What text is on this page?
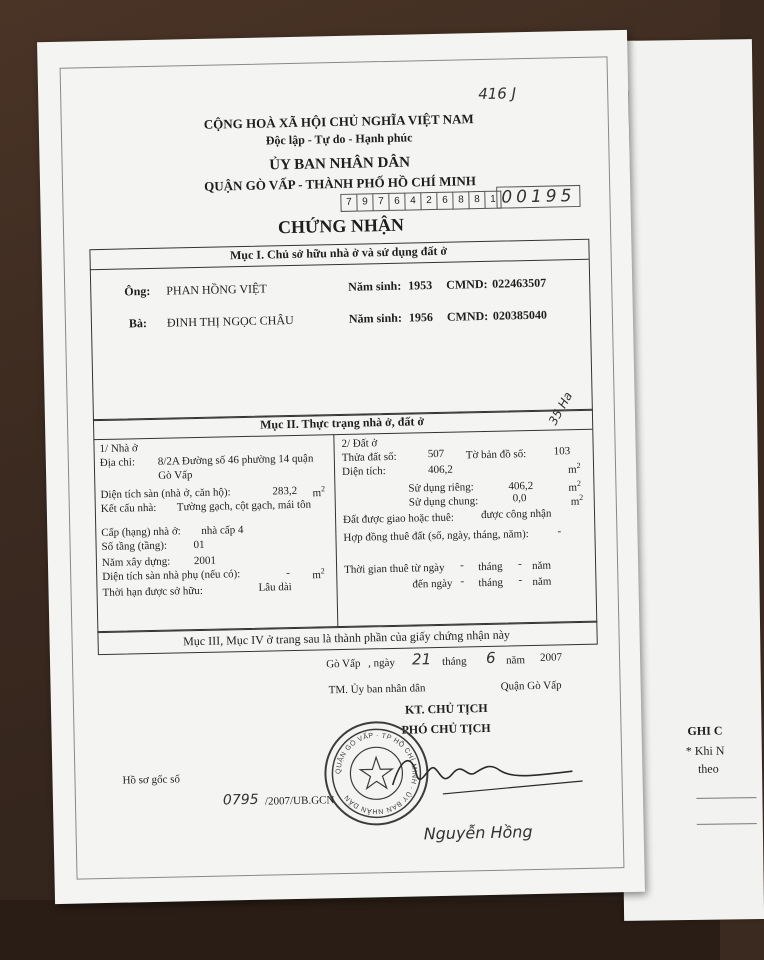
GHI C
* Khi N
theo
416 J
CỘNG HOÀ XÃ HỘI CHỦ NGHĨA VIỆT NAM
Độc lập - Tự do - Hạnh phúc
ỦY BAN NHÂN DÂN
QUẬN GÒ VẤP - THÀNH PHỐ HỒ CHÍ MINH
7	9	7	6	4	2	6	8	8	1 00195
CHỨNG NHẬN
Mục I. Chủ sở hữu nhà ở và sử dụng đất ở
Ông: PHAN HỒNG VIỆT	Năm sinh: 1953 CMND: 022463507
Bà: ĐINH THỊ NGỌC CHÂU	Năm sinh: 1956 CMND: 020385040
Mục II. Thực trạng nhà ở, đất ở	35 Ha
1/ Nhà ở
Địa chỉ: 8/2A Đường số 46 phường 14 quận
Gò Vấp
Diện tích sàn (nhà ở, căn hộ):	283,2 $m^2$
Kết cấu nhà: Tường gạch, cột gạch, mái tôn
Cấp (hạng) nhà ở: nhà cấp 4
Số tầng (tầng): 01
Năm xây dựng: 2001
Diện tích sàn nhà phụ (nếu có):	- $m^2$
Thời hạn được sở hữu:	Lâu dài
2/ Đất ở
Thửa đất số:	507 Tờ bản đồ số: 103
Diện tích:	406,2	$m^2$
Sử dụng riêng:	406,2	$m^2$
Sử dụng chung:	0,0	$m^2$
Đất được giao hoặc thuê: được công nhận
Hợp đồng thuê đất (số, ngày, tháng, năm):	-
Thời gian thuê từ ngày - tháng - năm
đến ngày - tháng - năm
Mục III, Mục IV ở trang sau là thành phần của giấy chứng nhận này
Gò Vấp , ngày 21 tháng 6 năm 2007
TM. Ủy ban nhân dân	Quận Gò Vấp
KT. CHỦ TỊCH
PHÓ CHỦ TỊCH
QUẬN GÒ VẤP · TP HỒ CHÍ MINH · ỦY BAN NHÂN DÂN
Nguyễn Hồng
Hồ sơ gốc số
0795 /2007/UB.GCN
